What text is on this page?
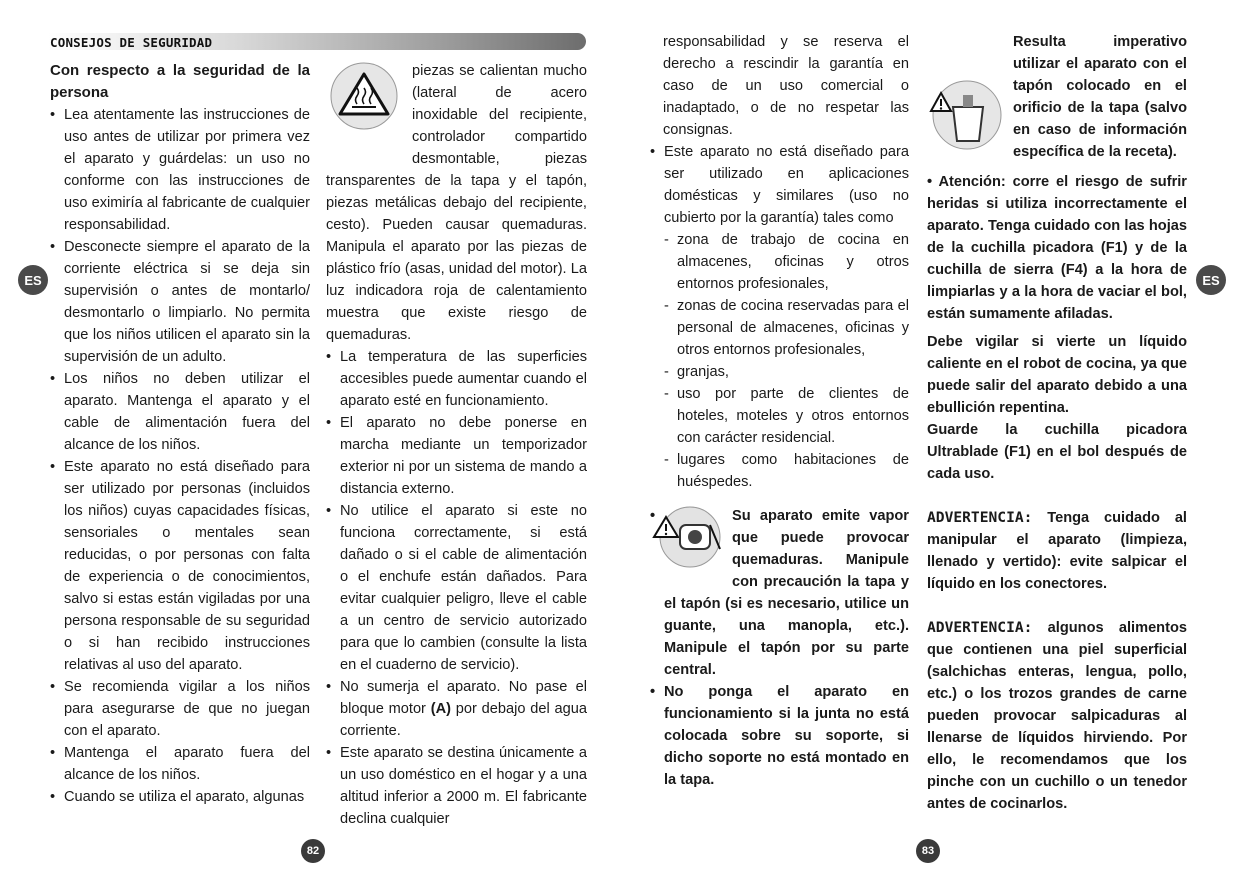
CONSEJOS DE SEGURIDAD
ES	ES

Con respecto a la seguridad de la persona

• Lea atentamente las instrucciones de uso antes de utilizar por primera vez el aparato y guárdelas: un uso no conforme con las instrucciones de uso eximiría al fabricante de cualquier responsabilidad.
• Desconecte siempre el aparato de la corriente eléctrica si se deja sin supervisión o antes de montarlo/ desmontarlo o limpiarlo. No permita que los niños utilicen el aparato sin la supervisión de un adulto.
• Los niños no deben utilizar el aparato. Mantenga el aparato y el cable de alimentación fuera del alcance de los niños.
• Este aparato no está diseñado para ser utilizado por personas (incluidos los niños) cuyas capacidades físicas, sensoriales o mentales sean reducidas, o por personas con falta de experiencia o de conocimientos, salvo si estas están vigiladas por una persona responsable de su seguridad o si han recibido instrucciones relativas al uso del aparato.
• Se recomienda vigilar a los niños para asegurarse de que no juegan con el aparato.
• Mantenga el aparato fuera del alcance de los niños.
• Cuando se utiliza el aparato, algunas

piezas se calientan mucho (lateral de acero inoxidable del recipiente, controlador compartido desmontable, piezas transparentes de la tapa y el tapón, piezas metálicas debajo del recipiente, cesto). Pueden causar quemaduras. Manipula el aparato por las piezas de plástico frío (asas, unidad del motor). La luz indicadora roja de calentamiento muestra que existe riesgo de quemaduras.

• La temperatura de las superficies accesibles puede aumentar cuando el aparato esté en funcionamiento.
• El aparato no debe ponerse en marcha mediante un temporizador exterior ni por un sistema de mando a distancia externo.
• No utilice el aparato si este no funciona correctamente, si está dañado o si el cable de alimentación o el enchufe están dañados. Para evitar cualquier peligro, lleve el cable a un centro de servicio autorizado para que lo cambien (consulte la lista en el cuaderno de servicio).
• No sumerja el aparato. No pase el bloque motor (A) por debajo del agua corriente.
• Este aparato se destina únicamente a un uso doméstico en el hogar y a una altitud inferior a 2000 m. El fabricante declina cualquier

responsabilidad y se reserva el derecho a rescindir la garantía en caso de un uso comercial o inadaptado, o de no respetar las consignas.

• Este aparato no está diseñado para ser utilizado en aplicaciones domésticas y similares (uso no cubierto por la garantía) tales como
- zona de trabajo de cocina en almacenes, oficinas y otros entornos profesionales,
- zonas de cocina reservadas para el personal de almacenes, oficinas y otros entornos profesionales,
- granjas,
- uso por parte de clientes de hoteles, moteles y otros entornos con carácter residencial.
- lugares como habitaciones de huéspedes.
• Su aparato emite vapor que puede provocar quemaduras. Manipule con precaución la tapa y el tapón (si es necesario, utilice un guante, una manopla, etc.). Manipule el tapón por su parte central.
• No ponga el aparato en funcionamiento si la junta no está colocada sobre su soporte, si dicho soporte no está montado en la tapa.

Resulta imperativo utilizar el aparato con el tapón colocado en el orificio de la tapa (salvo en caso de información específica de la receta).

• Atención: corre el riesgo de sufrir heridas si utiliza incorrectamente el aparato. Tenga cuidado con las hojas de la cuchilla picadora (F1) y de la cuchilla de sierra (F4) a la hora de limpiarlas y a la hora de vaciar el bol, están sumamente afiladas.

Debe vigilar si vierte un líquido caliente en el robot de cocina, ya que puede salir del aparato debido a una ebullición repentina.

Guarde la cuchilla picadora Ultrablade (F1) en el bol después de cada uso.

ADVERTENCIA: Tenga cuidado al manipular el aparato (limpieza, llenado y vertido): evite salpicar el líquido en los conectores.

ADVERTENCIA: algunos alimentos que contienen una piel superficial (salchichas enteras, lengua, pollo, etc.) o los trozos grandes de carne pueden provocar salpicaduras al llenarse de líquidos hirviendo. Por ello, le recomendamos que los pinche con un cuchillo o un tenedor antes de cocinarlos.

82	83
